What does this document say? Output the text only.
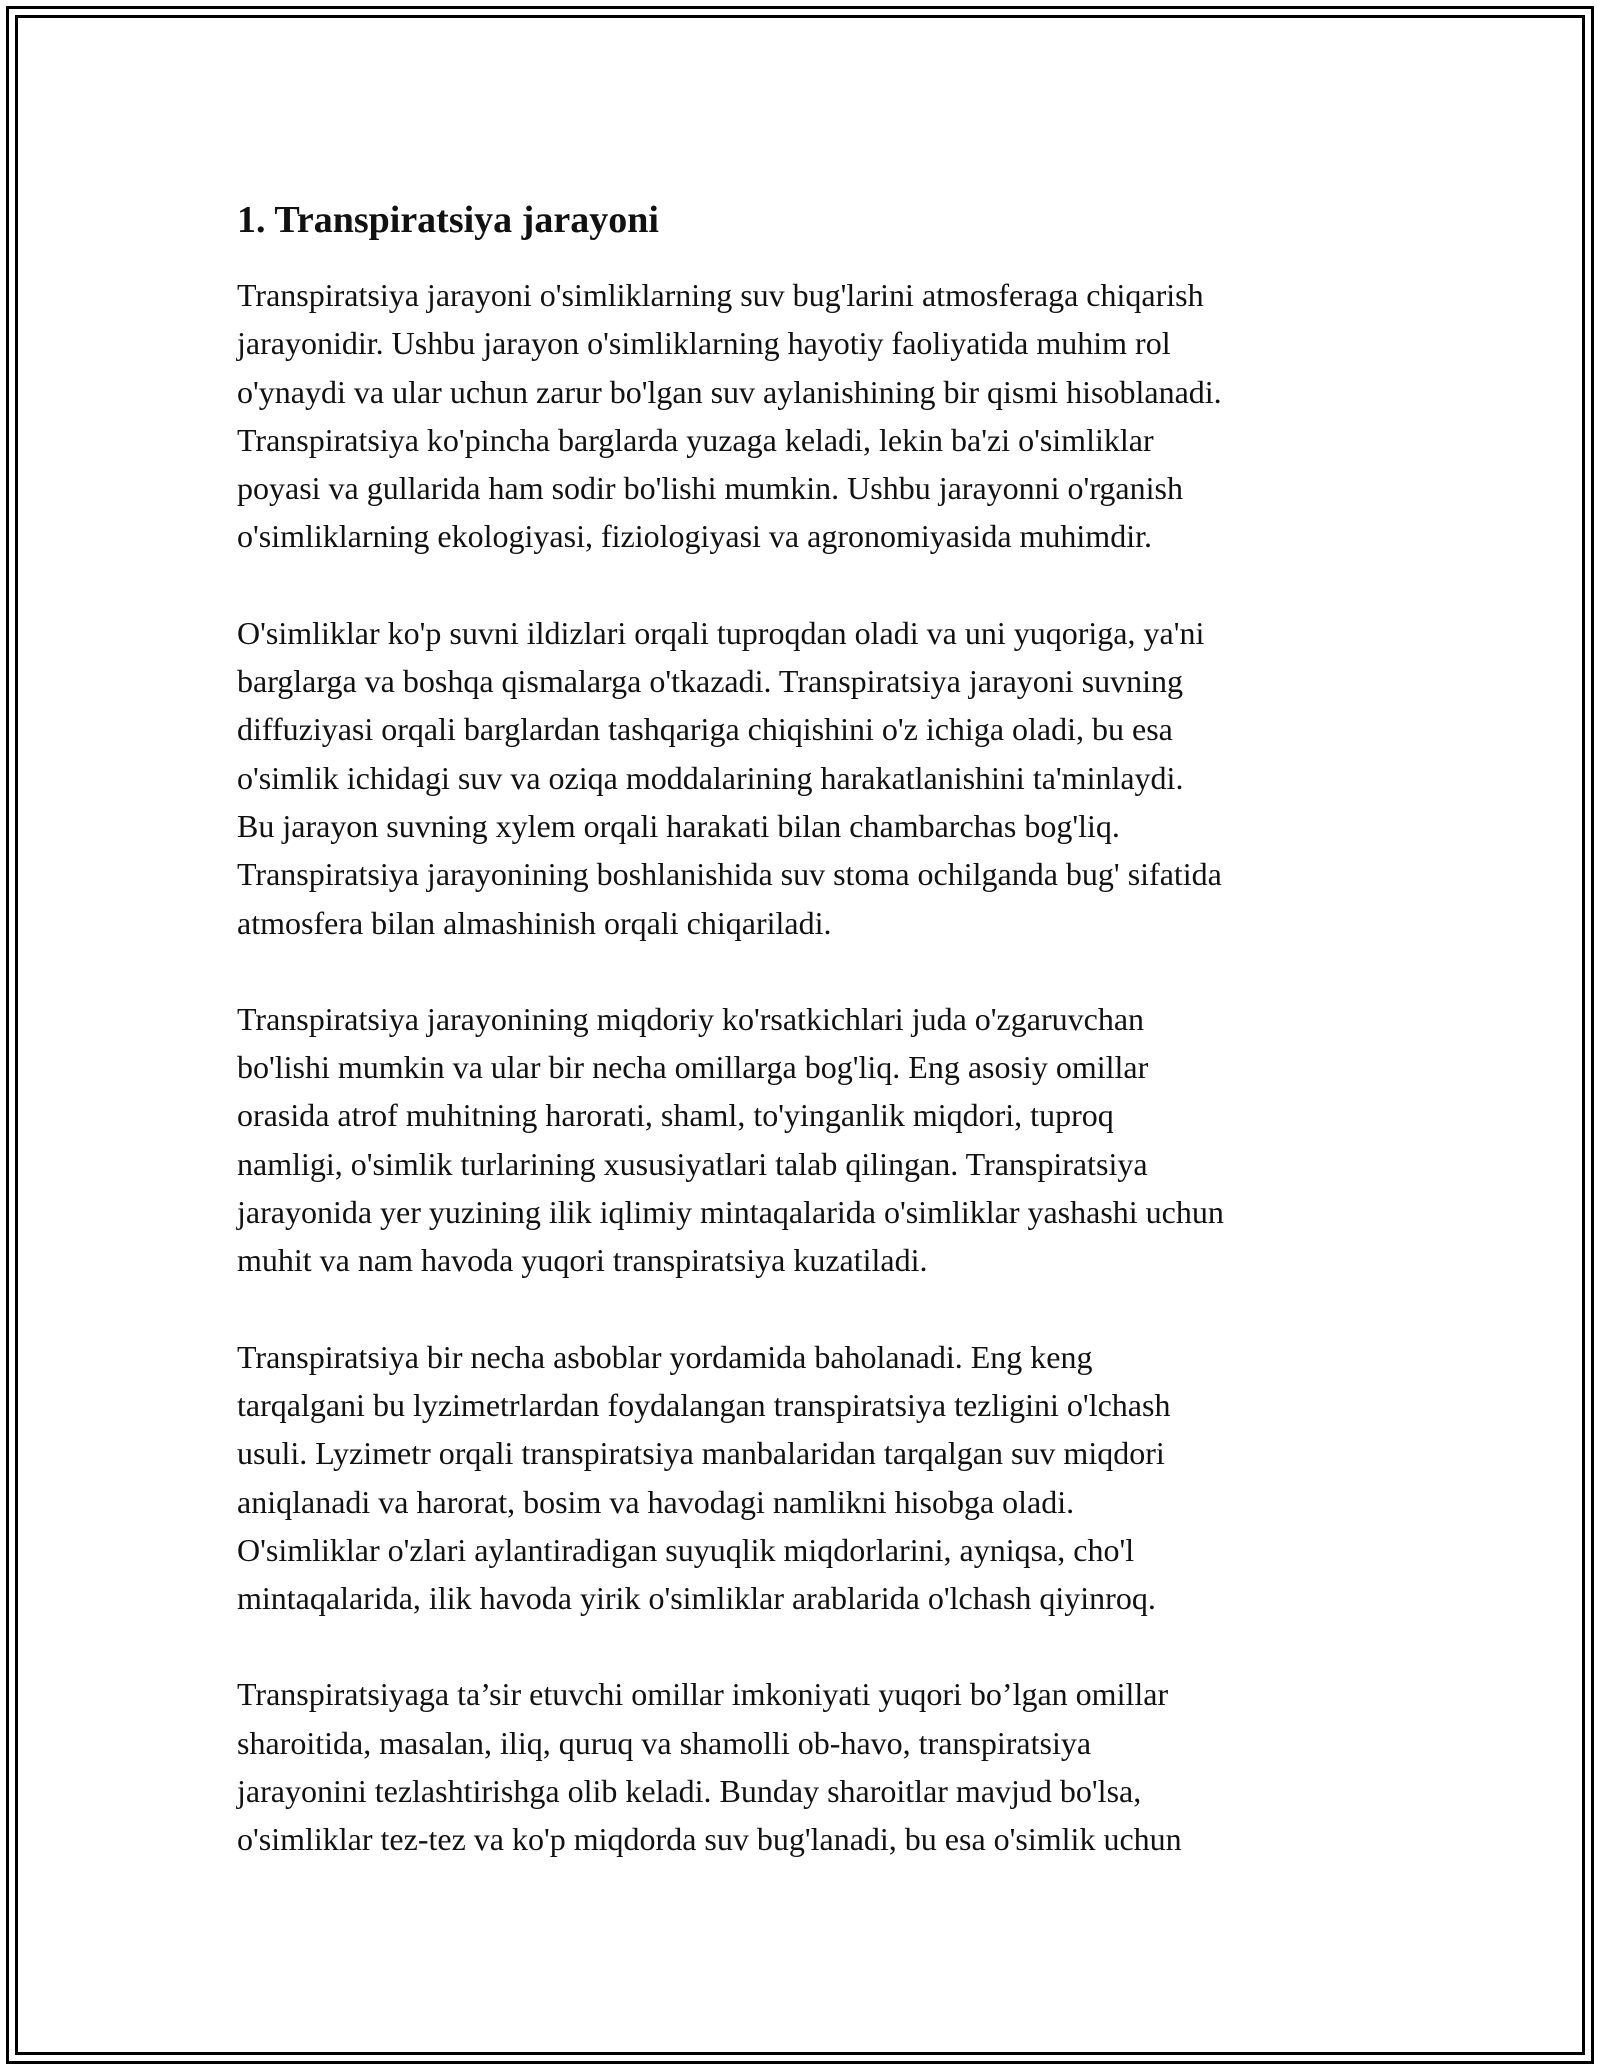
1. Transpiratsiya jarayoni

Transpiratsiya jarayoni o'simliklarning suv bug'larini atmosferaga chiqarish
jarayonidir. Ushbu jarayon o'simliklarning hayotiy faoliyatida muhim rol
o'ynaydi va ular uchun zarur bo'lgan suv aylanishining bir qismi hisoblanadi.
Transpiratsiya ko'pincha barglarda yuzaga keladi, lekin ba'zi o'simliklar
poyasi va gullarida ham sodir bo'lishi mumkin. Ushbu jarayonni o'rganish
o'simliklarning ekologiyasi, fiziologiyasi va agronomiyasida muhimdir.

O'simliklar ko'p suvni ildizlari orqali tuproqdan oladi va uni yuqoriga, ya'ni
barglarga va boshqa qismalarga o'tkazadi. Transpiratsiya jarayoni suvning
diffuziyasi orqali barglardan tashqariga chiqishini o'z ichiga oladi, bu esa
o'simlik ichidagi suv va oziqa moddalarining harakatlanishini ta'minlaydi.
Bu jarayon suvning xylem orqali harakati bilan chambarchas bog'liq.
Transpiratsiya jarayonining boshlanishida suv stoma ochilganda bug' sifatida
atmosfera bilan almashinish orqali chiqariladi.

Transpiratsiya jarayonining miqdoriy ko'rsatkichlari juda o'zgaruvchan
bo'lishi mumkin va ular bir necha omillarga bog'liq. Eng asosiy omillar
orasida atrof muhitning harorati, shaml, to'yinganlik miqdori, tuproq
namligi, o'simlik turlarining xususiyatlari talab qilingan. Transpiratsiya
jarayonida yer yuzining ilik iqlimiy mintaqalarida o'simliklar yashashi uchun
muhit va nam havoda yuqori transpiratsiya kuzatiladi.

Transpiratsiya bir necha asboblar yordamida baholanadi. Eng keng
tarqalgani bu lyzimetrlardan foydalangan transpiratsiya tezligini o'lchash
usuli. Lyzimetr orqali transpiratsiya manbalaridan tarqalgan suv miqdori
aniqlanadi va harorat, bosim va havodagi namlikni hisobga oladi.
O'simliklar o'zlari aylantiradigan suyuqlik miqdorlarini, ayniqsa, cho'l
mintaqalarida, ilik havoda yirik o'simliklar arablarida o'lchash qiyinroq.

Transpiratsiyaga ta’sir etuvchi omillar imkoniyati yuqori bo’lgan omillar
sharoitida, masalan, iliq, quruq va shamolli ob-havo, transpiratsiya
jarayonini tezlashtirishga olib keladi. Bunday sharoitlar mavjud bo'lsa,
o'simliklar tez-tez va ko'p miqdorda suv bug'lanadi, bu esa o'simlik uchun
